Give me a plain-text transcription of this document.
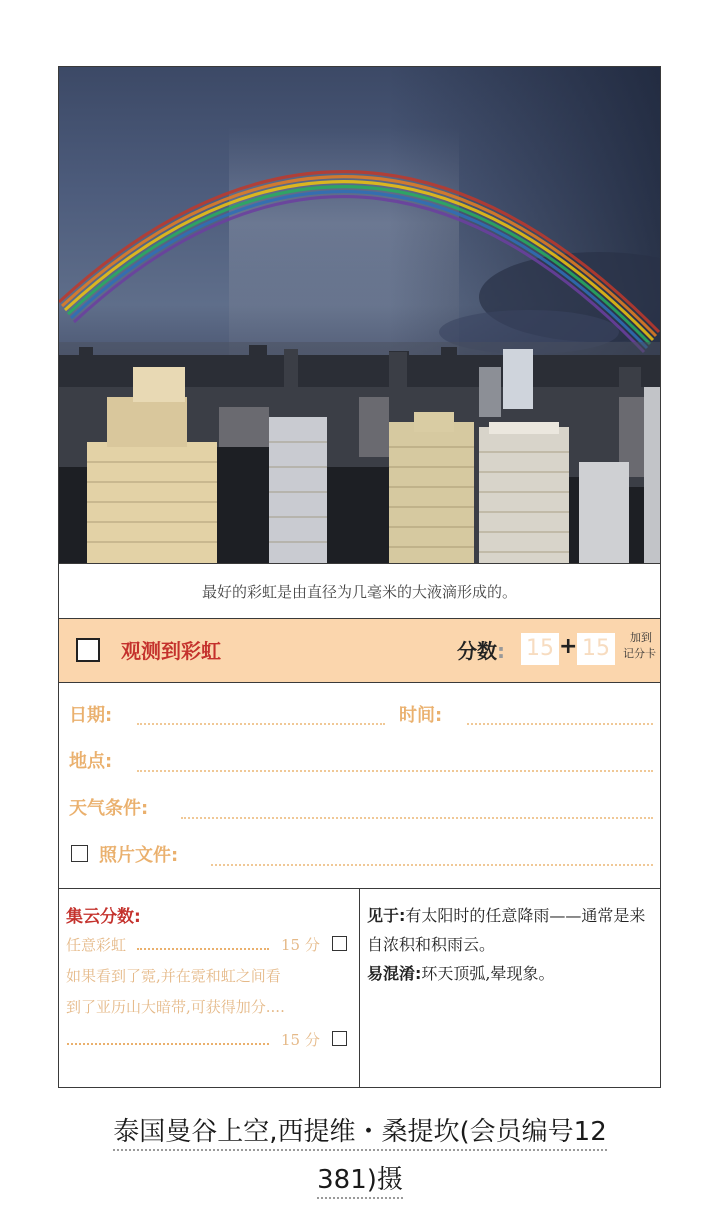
最好的彩虹是由直径为几毫米的大液滴形成的。
观测到彩虹	分数: 15 + 15	加到
记分卡
日期:	时间:
地点:
天气条件:
照片文件:
集云分数:
任意彩虹	15 分
如果看到了霓,并在霓和虹之间看
到了亚历山大暗带,可获得加分....
15 分
见于:有太阳时的任意降雨——通常是来自浓积和积雨云。
易混淆:环天顶弧,晕现象。
泰国曼谷上空,西提维・桑提坎(会员编号12
381)摄
